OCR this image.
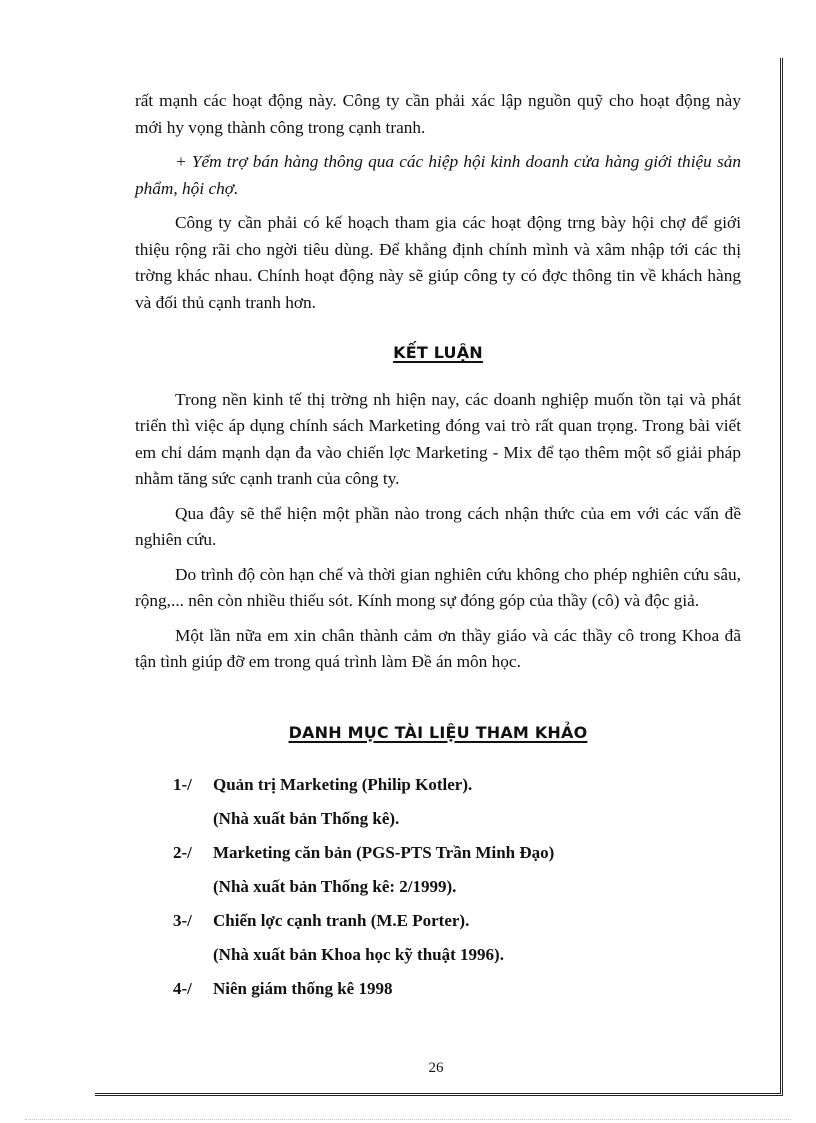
rất mạnh các hoạt động này. Công ty cần phải xác lập nguồn quỹ cho hoạt động này mới hy vọng thành công trong cạnh tranh.

+ Yểm trợ bán hàng thông qua các hiệp hội kinh doanh cửa hàng giới thiệu sản phẩm, hội chợ.

Công ty cần phải có kế hoạch tham gia các hoạt động trng bày hội chợ để giới thiệu rộng rãi cho ngời tiêu dùng. Để khẳng định chính mình và xâm nhập tới các thị trờng khác nhau. Chính hoạt động này sẽ giúp công ty có đợc thông tin về khách hàng và đối thủ cạnh tranh hơn.

KẾT LUẬN

Trong nền kinh tế thị trờng nh hiện nay, các doanh nghiệp muốn tồn tại và phát triển thì việc áp dụng chính sách Marketing đóng vai trò rất quan trọng. Trong bài viết em chỉ dám mạnh dạn đa vào chiến lợc Marketing - Mix để tạo thêm một số giải pháp nhằm tăng sức cạnh tranh của công ty.

Qua đây sẽ thể hiện một phần nào trong cách nhận thức của em với các vấn đề nghiên cứu.

Do trình độ còn hạn chế và thời gian nghiên cứu không cho phép nghiên cứu sâu, rộng,... nên còn nhiều thiếu sót. Kính mong sự đóng góp của thầy (cô) và độc giả.

Một lần nữa em xin chân thành cảm ơn thầy giáo và các thầy cô trong Khoa đã tận tình giúp đỡ em trong quá trình làm Đề án môn học.

DANH MỤC TÀI LIỆU THAM KHẢO
1-/	Quản trị Marketing (Philip Kotler).
(Nhà xuất bản Thống kê).
2-/	Marketing căn bản (PGS-PTS Trần Minh Đạo)
(Nhà xuất bản Thống kê: 2/1999).
3-/	Chiến lợc cạnh tranh (M.E Porter).
(Nhà xuất bản Khoa học kỹ thuật 1996).
4-/	Niên giám thống kê 1998
26
